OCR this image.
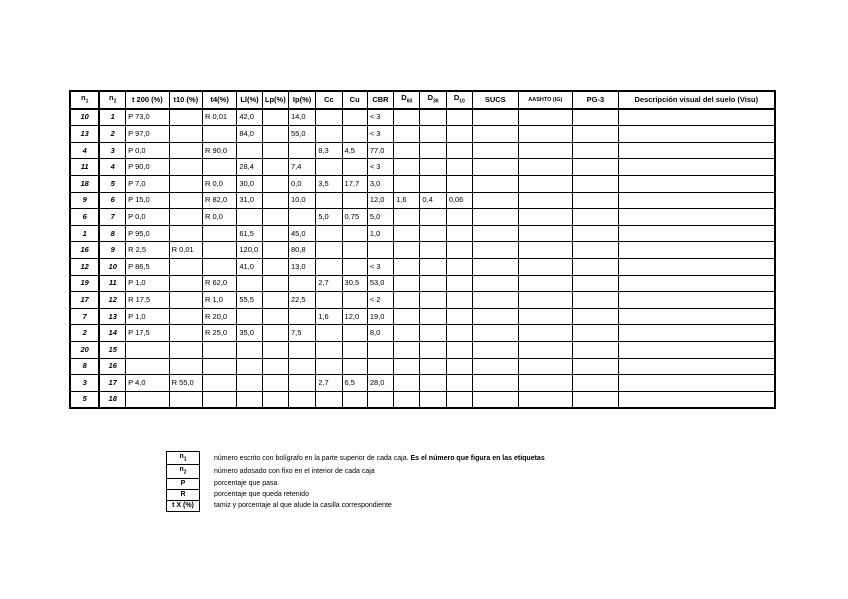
$n_1$	$n_2$	t 200 (%)	t10 (%)	t4(%)	Ll(%)	Lp(%)	Ip(%)	Cc	Cu	CBR	$D_{60}$	$D_{30}$	$D_{10}$	SUCS	AASHTO (IG)	PG-3	Descripción visual del suelo (Visu)
10	1	P 73,0		R 0,01	42,0		14,0			< 3							
13	2	P 97,0			84,0		55,0			< 3							
4	3	P 0,0		R 90,0				8,3	4,5	77,0							
11	4	P 90,0			28,4		7,4			< 3							
18	5	P 7,0		R 0,0	30,0		0,0	3,5	17,7	3,0							
9	6	P 15,0		R 82,0	31,0		10,0			12,0	1,6	0,4	0,06				
6	7	P 0,0		R 0,0				5,0	0,75	5,0							
1	8	P 95,0			61,5		45,0			1,0							
16	9	R 2,5	R 0,01		120,0		80,8										
12	10	P 86,5			41,0		13,0			< 3							
19	11	P 1,0		R 62,0				2,7	30,5	53,0							
17	12	R 17,5		R 1,0	55,5		22,5			< 2							
7	13	P 1,0		R 20,0				1,6	12,0	19,0							
2	14	P 17,5		R 25,0	35,0		7,5			8,0							
20	15																
8	16																
3	17	P 4,0	R 55,0					2,7	6,5	28,0							
5	18																
$n_1$	número escrito con bolígrafo en la parte superior de cada caja. Es el número que figura en las etiquetas
$n_2$	número adosado con fixo en el interior de cada caja
P	porcentaje que pasa
R	porcentaje que queda retenido
t X (%)	tamiz y porcentaje al que alude la casilla correspondiente
